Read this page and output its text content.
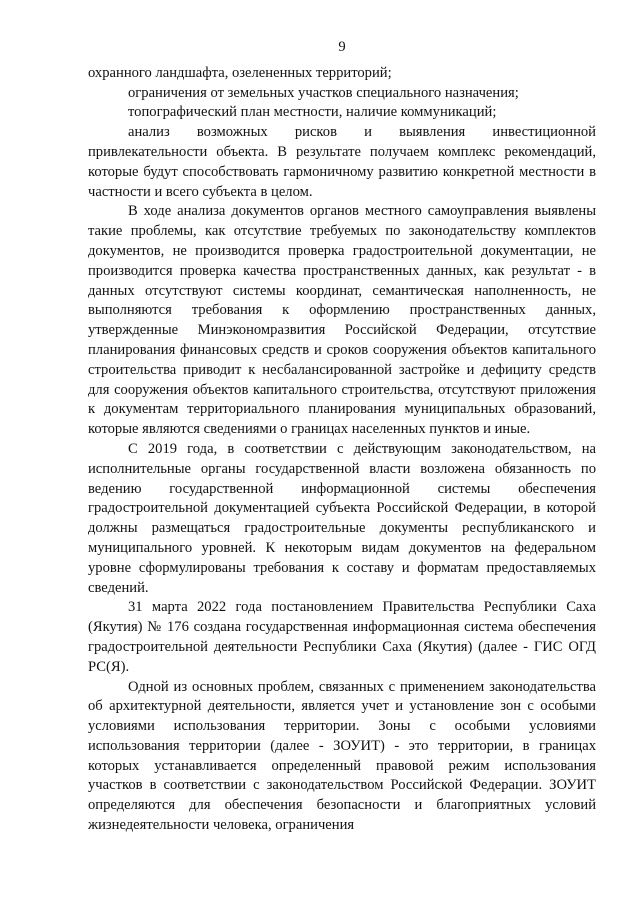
9

охранного ландшафта, озелененных территорий;

ограничения от земельных участков специального назначения;

топографический план местности, наличие коммуникаций;

анализ возможных рисков и выявления инвестиционной привлекательности объекта. В результате получаем комплекс рекомендаций, которые будут способствовать гармоничному развитию конкретной местности в частности и всего субъекта в целом.

В ходе анализа документов органов местного самоуправления выявлены такие проблемы, как отсутствие требуемых по законодательству комплектов документов, не производится проверка градостроительной документации, не производится проверка качества пространственных данных, как результат - в данных отсутствуют системы координат, семантическая наполненность, не выполняются требования к оформлению пространственных данных, утвержденные Минэкономразвития Российской Федерации, отсутствие планирования финансовых средств и сроков сооружения объектов капитального строительства приводит к несбалансированной застройке и дефициту средств для сооружения объектов капитального строительства, отсутствуют приложения к документам территориального планирования муниципальных образований, которые являются сведениями о границах населенных пунктов и иные.

С 2019 года, в соответствии с действующим законодательством, на исполнительные органы государственной власти возложена обязанность по ведению государственной информационной системы обеспечения градостроительной документацией субъекта Российской Федерации, в которой должны размещаться градостроительные документы республиканского и муниципального уровней. К некоторым видам документов на федеральном уровне сформулированы требования к составу и форматам предоставляемых сведений.

31 марта 2022 года постановлением Правительства Республики Саха (Якутия) № 176 создана государственная информационная система обеспечения градостроительной деятельности Республики Саха (Якутия) (далее - ГИС ОГД РС(Я).

Одной из основных проблем, связанных с применением законодательства об архитектурной деятельности, является учет и установление зон с особыми условиями использования территории. Зоны с особыми условиями использования территории (далее - ЗОУИТ) - это территории, в границах которых устанавливается определенный правовой режим использования участков в соответствии с законодательством Российской Федерации. ЗОУИТ определяются для обеспечения безопасности и благоприятных условий жизнедеятельности человека, ограничения
